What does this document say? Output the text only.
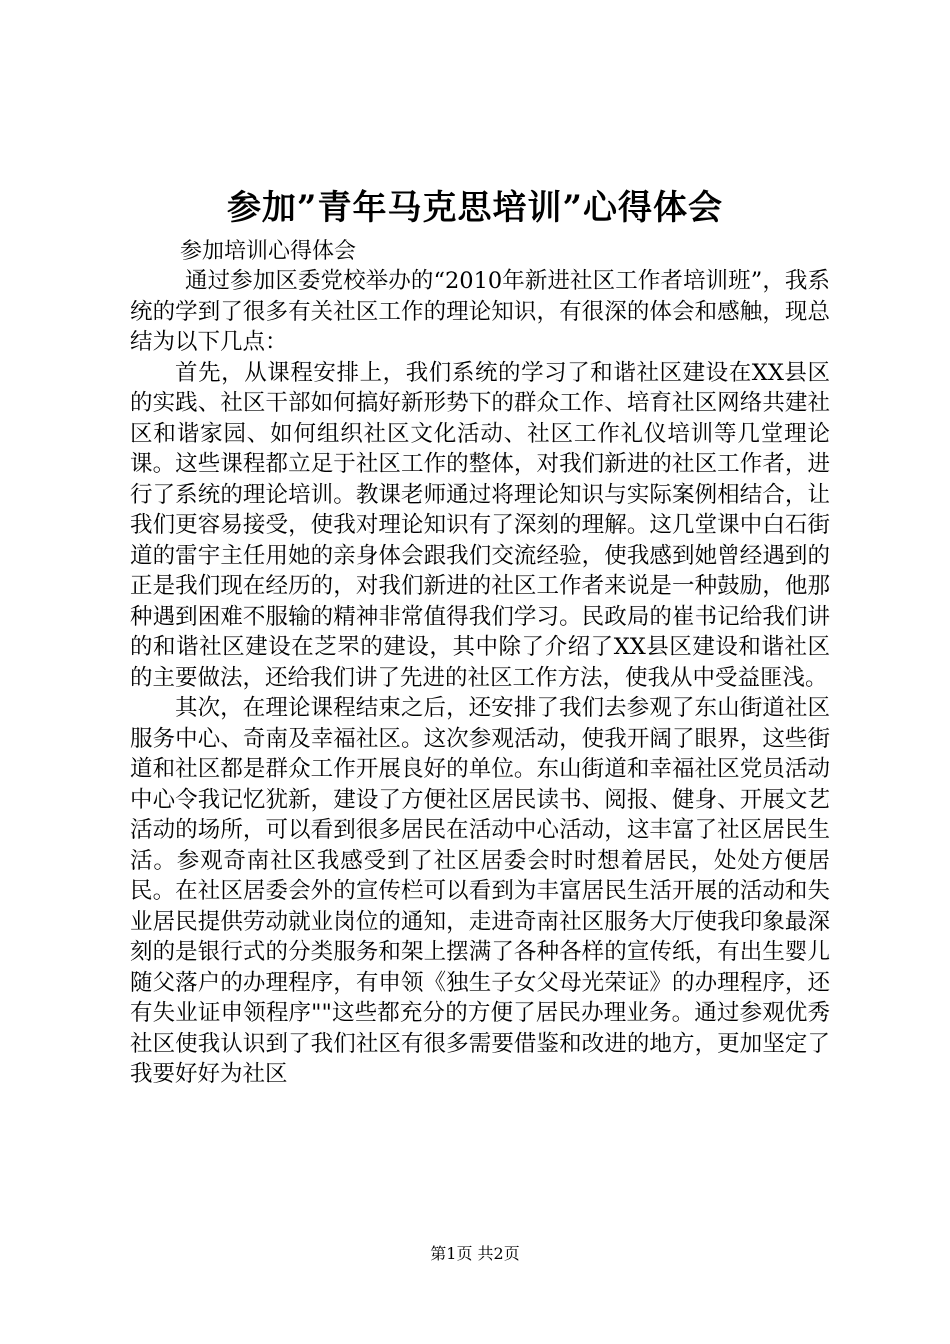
参加”青年马克思培训”心得体会
参加培训心得体会

通过参加区委党校举办的“2010年新进社区工作者培训班”，我系统的学到了很多有关社区工作的理论知识，有很深的体会和感触，现总结为以下几点：

首先，从课程安排上，我们系统的学习了和谐社区建设在XX县区的实践、社区干部如何搞好新形势下的群众工作、培育社区网络共建社区和谐家园、如何组织社区文化活动、社区工作礼仪培训等几堂理论课。这些课程都立足于社区工作的整体，对我们新进的社区工作者，进行了系统的理论培训。教课老师通过将理论知识与实际案例相结合，让我们更容易接受，使我对理论知识有了深刻的理解。这几堂课中白石街道的雷宇主任用她的亲身体会跟我们交流经验，使我感到她曾经遇到的正是我们现在经历的，对我们新进的社区工作者来说是一种鼓励，他那种遇到困难不服输的精神非常值得我们学习。民政局的崔书记给我们讲的和谐社区建设在芝罘的建设，其中除了介绍了XX县区建设和谐社区的主要做法，还给我们讲了先进的社区工作方法，使我从中受益匪浅。

其次，在理论课程结束之后，还安排了我们去参观了东山街道社区服务中心、奇南及幸福社区。这次参观活动，使我开阔了眼界，这些街道和社区都是群众工作开展良好的单位。东山街道和幸福社区党员活动中心令我记忆犹新，建设了方便社区居民读书、阅报、健身、开展文艺活动的场所，可以看到很多居民在活动中心活动，这丰富了社区居民生活。参观奇南社区我感受到了社区居委会时时想着居民，处处方便居民。在社区居委会外的宣传栏可以看到为丰富居民生活开展的活动和失业居民提供劳动就业岗位的通知，走进奇南社区服务大厅使我印象最深刻的是银行式的分类服务和架上摆满了各种各样的宣传纸，有出生婴儿随父落户的办理程序，有申领《独生子女父母光荣证》的办理程序，还有失业证申领程序""这些都充分的方便了居民办理业务。通过参观优秀社区使我认识到了我们社区有很多需要借鉴和改进的地方，更加坚定了我要好好为社区

第1页 共2页
